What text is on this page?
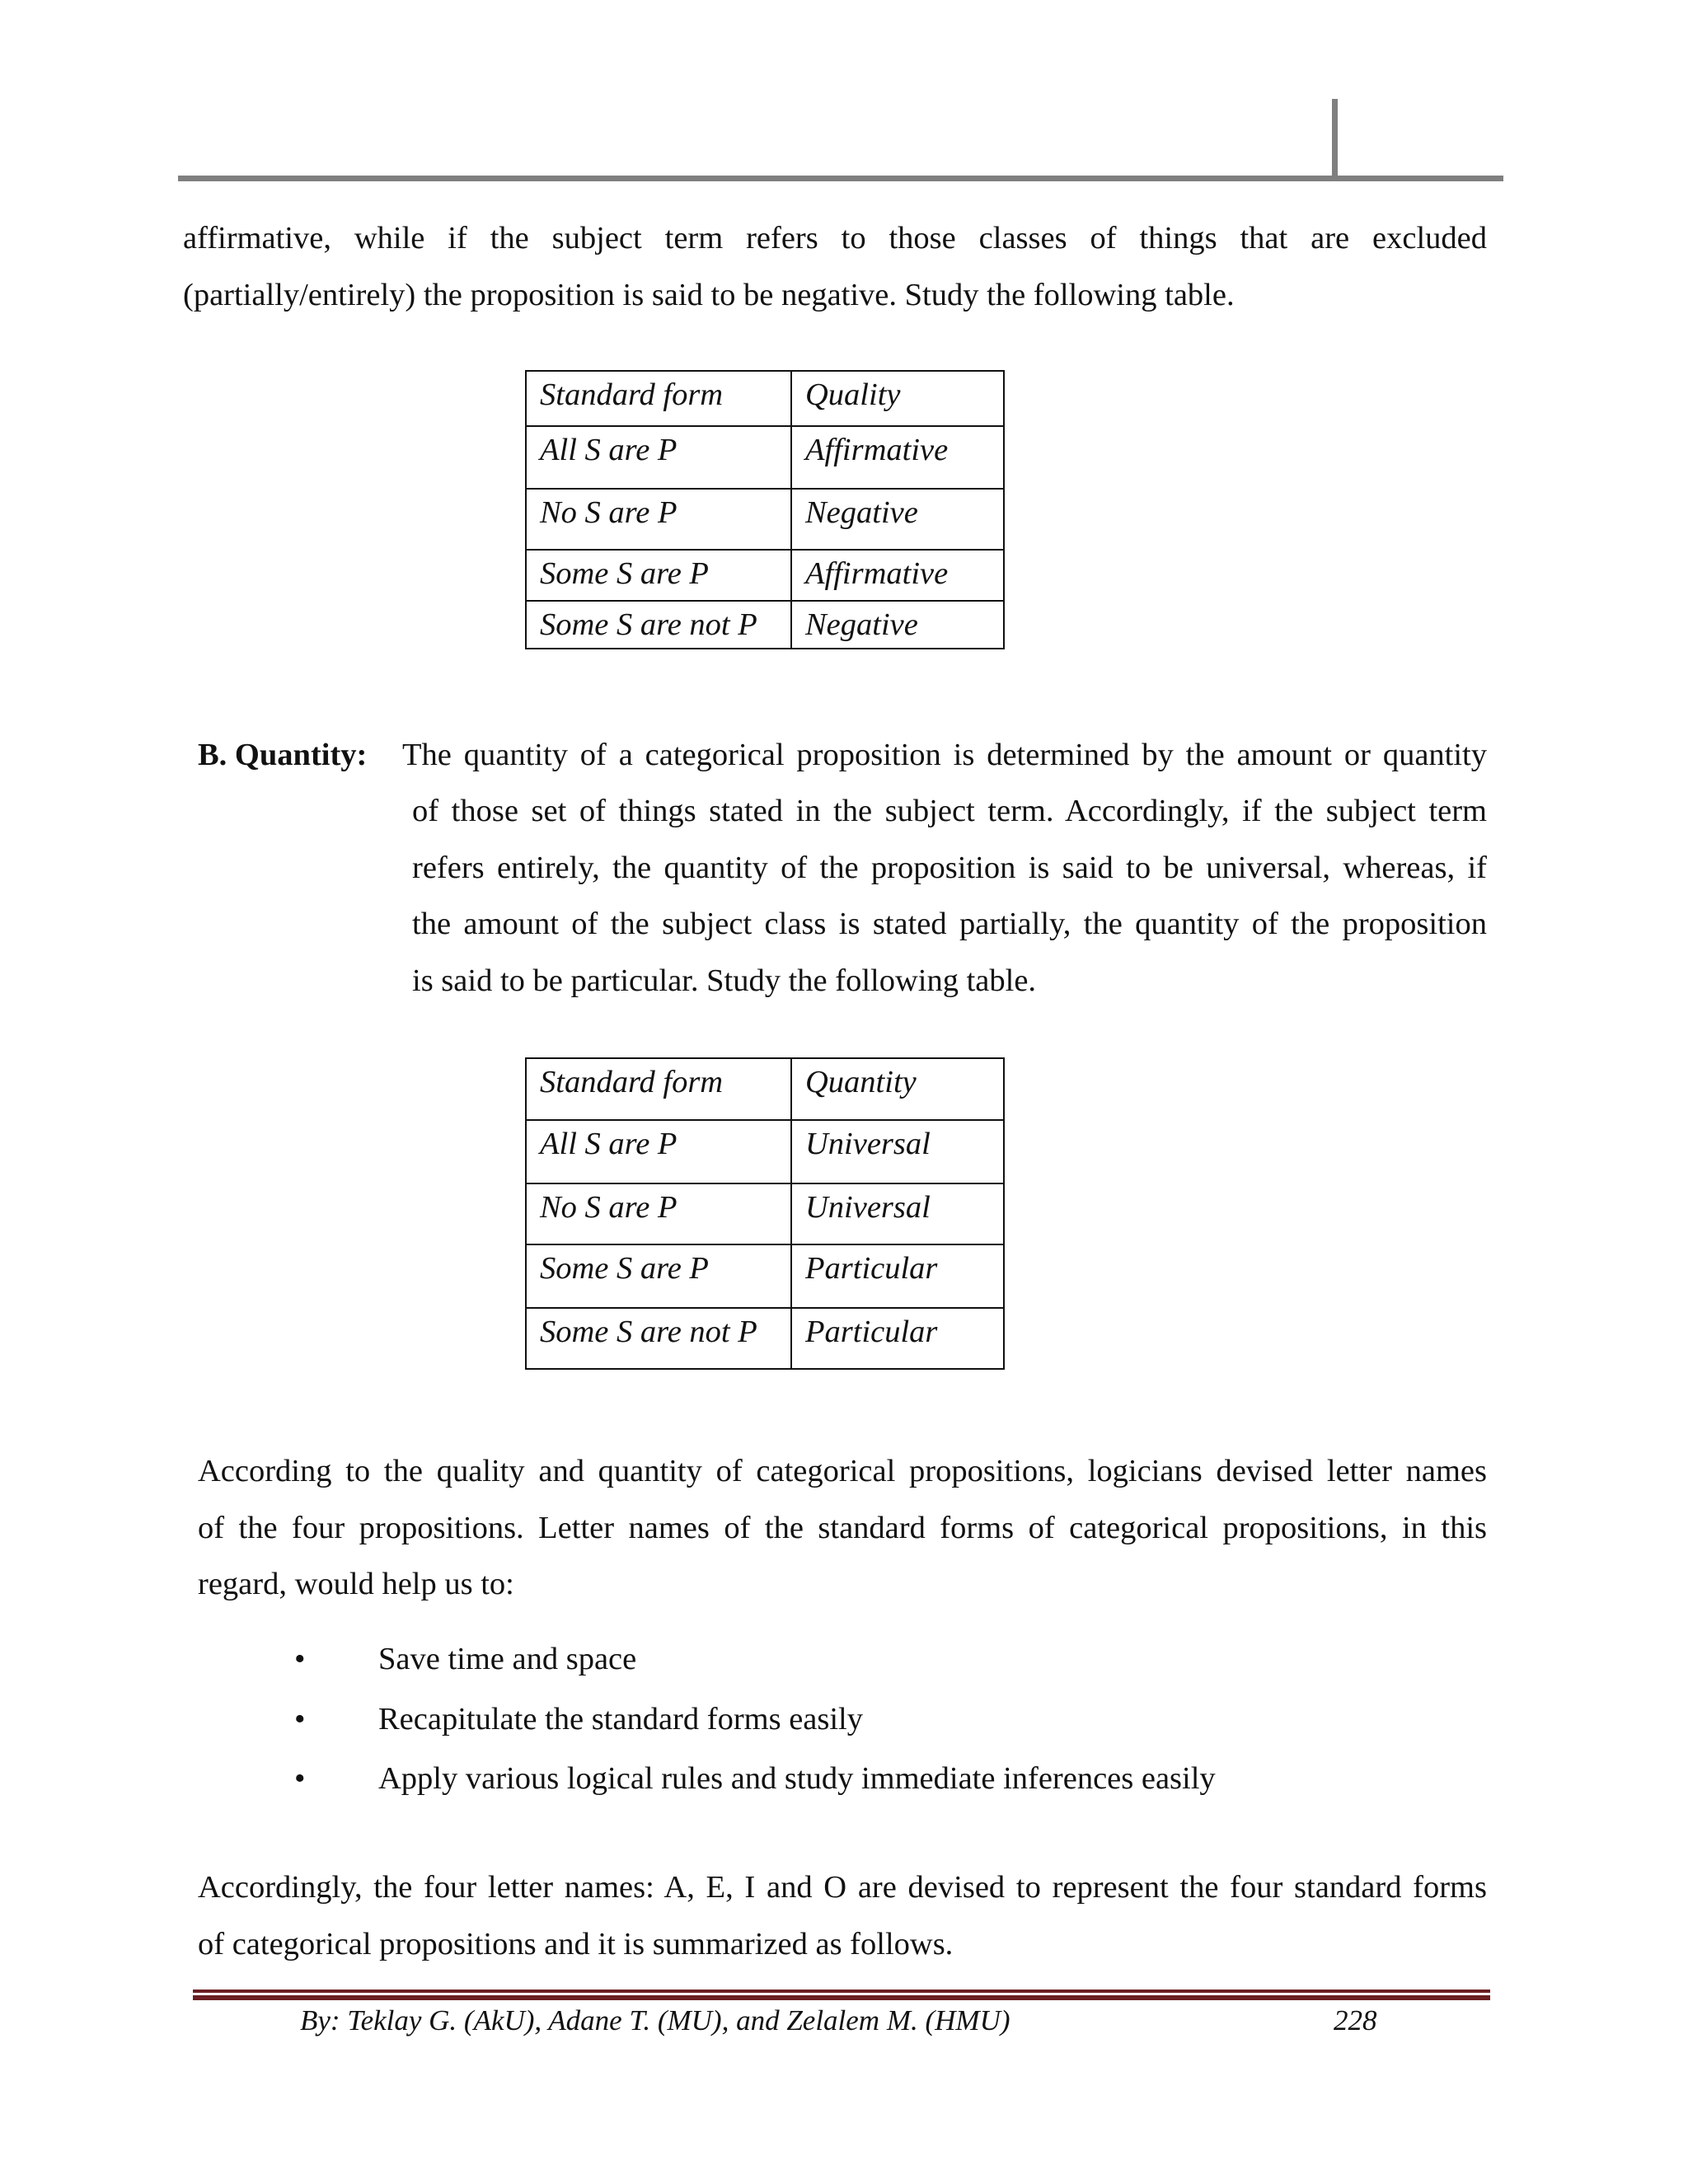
affirmative, while if the subject term refers to those classes of things that are excluded
(partially/entirely) the proposition is said to be negative. Study the following table.

Standard form	Quality
All S are P	Affirmative
No S are P	Negative
Some S are P	Affirmative
Some S are not P	Negative
B. Quantity: The quantity of a categorical proposition is determined by the amount or quantity

of those set of things stated in the subject term. Accordingly, if the subject term
refers entirely, the quantity of the proposition is said to be universal, whereas, if
the amount of the subject class is stated partially, the quantity of the proposition
is said to be particular. Study the following table.

Standard form	Quantity
All S are P	Universal
No S are P	Universal
Some S are P	Particular
Some S are not P	Particular

According to the quality and quantity of categorical propositions, logicians devised letter names
of the four propositions. Letter names of the standard forms of categorical propositions, in this
regard, would help us to:

• Save time and space
• Recapitulate the standard forms easily
• Apply various logical rules and study immediate inferences easily

Accordingly, the four letter names: A, E, I and O are devised to represent the four standard forms
of categorical propositions and it is summarized as follows.

By: Teklay G. (AkU), Adane T. (MU), and Zelalem M. (HMU)	228
